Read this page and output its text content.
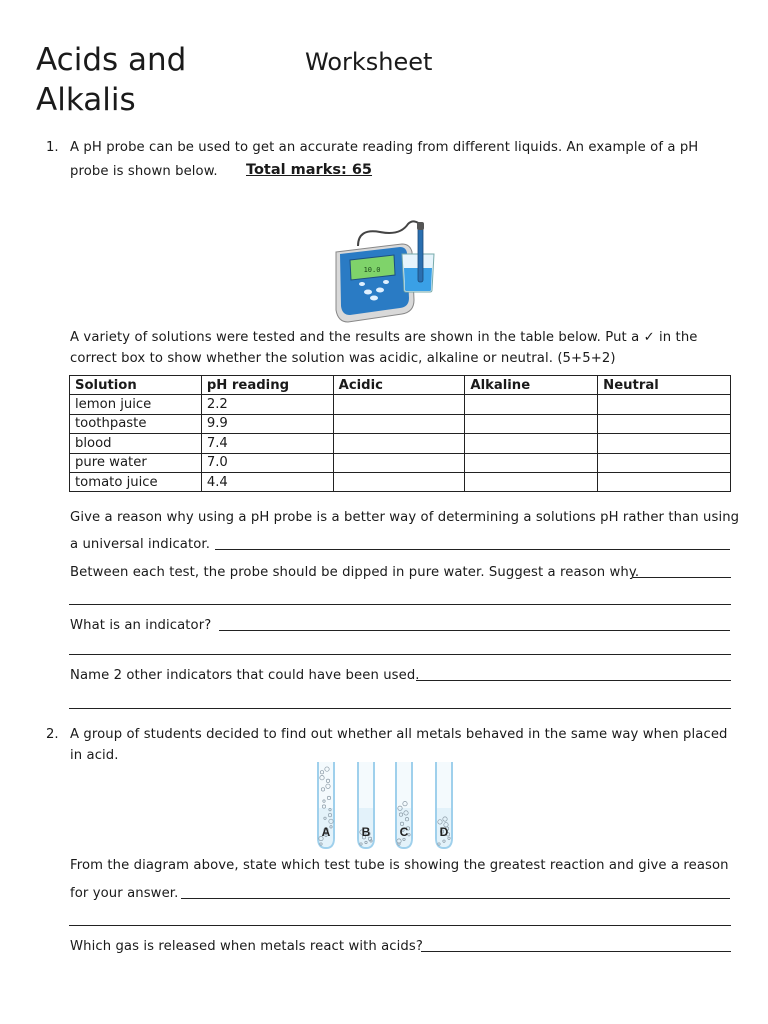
Acids and Alkalis
Worksheet
1. A pH probe can be used to get an accurate reading from different liquids. An example of a pH
probe is shown below. Total marks: 65
10.0
A variety of solutions were tested and the results are shown in the table below. Put a ✓ in the
correct box to show whether the solution was acidic, alkaline or neutral. (5+5+2)
Solution	pH reading	Acidic	Alkaline	Neutral
lemon juice	2.2			
toothpaste	9.9			
blood	7.4			
pure water	7.0			
tomato juice	4.4			
Give a reason why using a pH probe is a better way of determining a solutions pH rather than using
a universal indicator.
Between each test, the probe should be dipped in pure water. Suggest a reason why.
What is an indicator?
Name 2 other indicators that could have been used.
2. A group of students decided to find out whether all metals behaved in the same way when placed
in acid.
A	B C	D
From the diagram above, state which test tube is showing the greatest reaction and give a reason
for your answer.
Which gas is released when metals react with acids?
